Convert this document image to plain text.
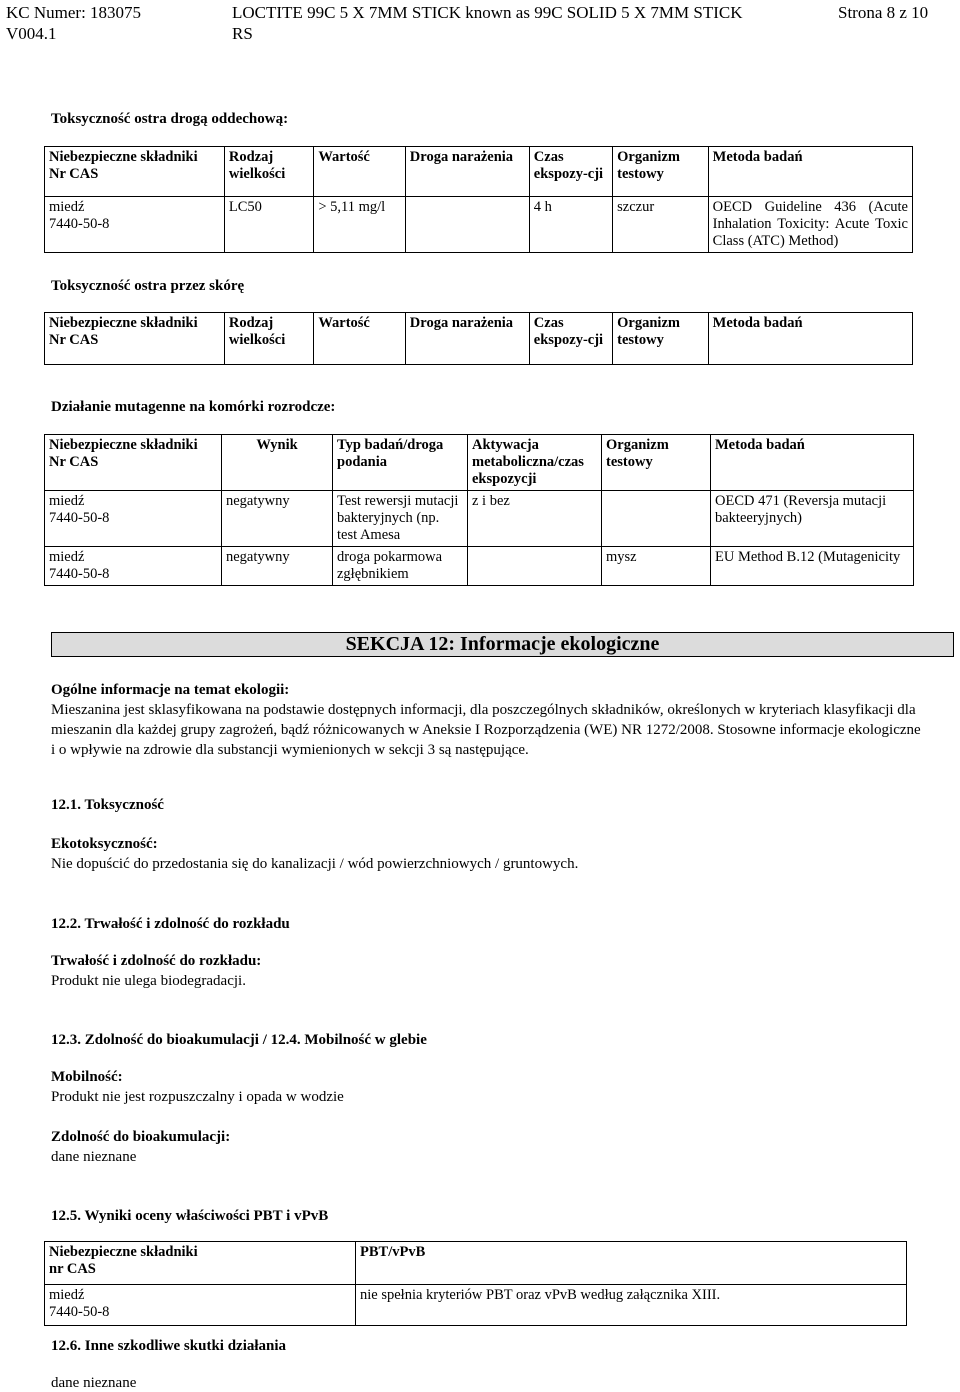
KC Numer: 183075
V004.1
LOCTITE 99C 5 X 7MM STICK known as 99C SOLID 5 X 7MM STICK
RS
Strona 8 z 10
Toksyczność ostra drogą oddechową:
Niebezpieczne składniki
Nr CAS	Rodzaj wielkości	Wartość	Droga narażenia	Czas ekspozy-cji	Organizm testowy	Metoda badań

miedź
7440-50-8	LC50	> 5,11 mg/l		4 h	szczur	OECD Guideline 436 (Acute Inhalation Toxicity: Acute Toxic Class (ATC) Method)
Toksyczność ostra przez skórę
Niebezpieczne składniki
Nr CAS	Rodzaj wielkości	Wartość	Droga narażenia	Czas ekspozy-cji	Organizm testowy	Metoda badań
Działanie mutagenne na komórki rozrodcze:
Niebezpieczne składniki
Nr CAS	Wynik	Typ badań/droga podania	Aktywacja metaboliczna/czas ekspozycji	Organizm testowy	Metoda badań

miedź
7440-50-8	negatywny	Test rewersji mutacji bakteryjnych (np. test Amesa	z i bez		OECD 471 (Reversja mutacji bakteeryjnych)

miedź
7440-50-8	negatywny	droga pokarmowa zgłębnikiem		mysz	EU Method B.12 (Mutagenicity
SEKCJA 12: Informacje ekologiczne

Ogólne informacje na temat ekologii:

Mieszanina jest sklasyfikowana na podstawie dostępnych informacji, dla poszczególnych składników, określonych w kryteriach klasyfikacji dla mieszanin dla każdej grupy zagrożeń, bądź różnicowanych w Aneksie I Rozporządzenia (WE) NR 1272/2008. Stosowne informacje ekologiczne i o wpływie na zdrowie dla substancji wymienionych w sekcji 3 są następujące.

12.1. Toksyczność

Ekotoksyczność:

Nie dopuścić do przedostania się do kanalizacji / wód powierzchniowych / gruntowych.

12.2. Trwałość i zdolność do rozkładu

Trwałość i zdolność do rozkładu:

Produkt nie ulega biodegradacji.

12.3. Zdolność do bioakumulacji / 12.4. Mobilność w glebie

Mobilność:

Produkt nie jest rozpuszczalny i opada w wodzie

Zdolność do bioakumulacji:

dane nieznane

12.5. Wyniki oceny właściwości PBT i vPvB
Niebezpieczne składniki
nr CAS	PBT/vPvB

miedź
7440-50-8	nie spełnia kryteriów PBT oraz vPvB według załącznika XIII.
12.6. Inne szkodliwe skutki działania
dane nieznane
